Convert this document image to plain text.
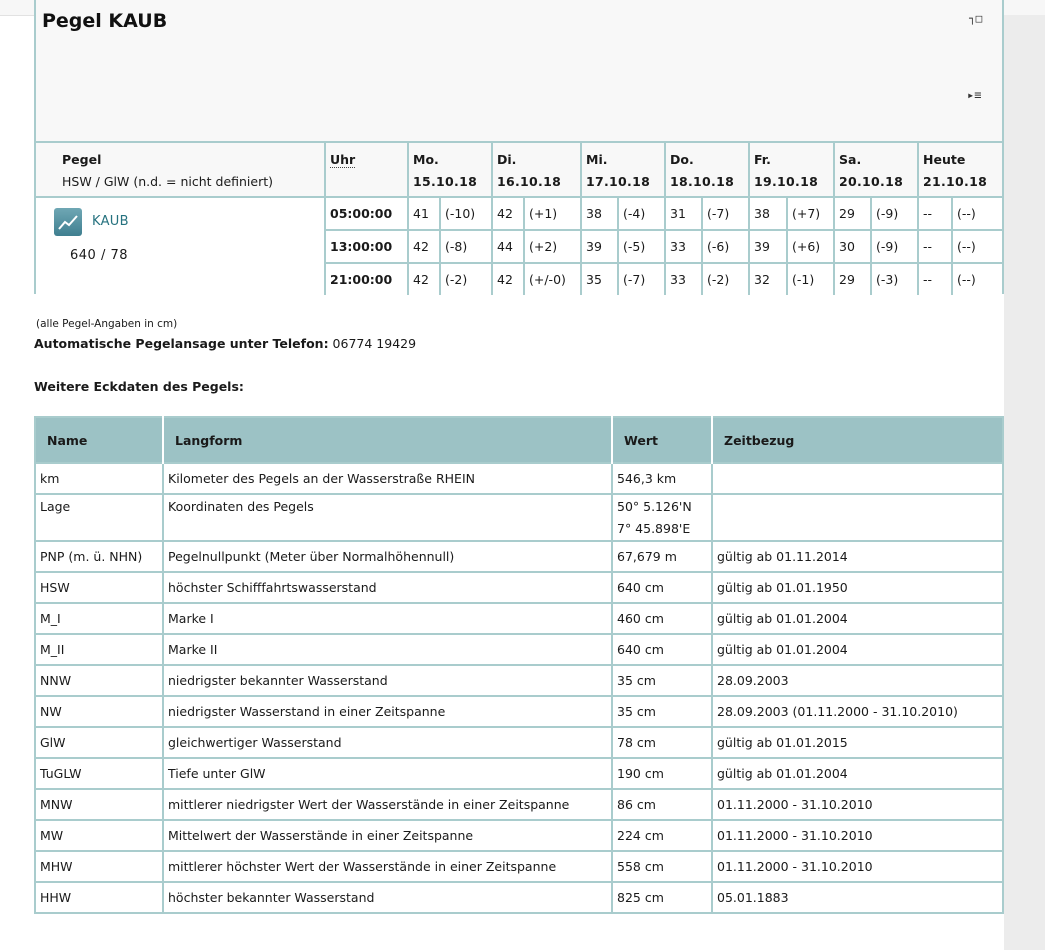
Pegel KAUB	┐□
▸≡
Pegel
HSW / GlW (n.d. = nicht definiert)
Uhr	Mo.
15.10.18
Di.
16.10.18
Mi.
17.10.18
Do.
18.10.18
Fr.
19.10.18
Sa.
20.10.18
Heute
21.10.18
05:00:00	41	(-10)	42	(+1)	38	(-4)	31	(-7)	38	(+7)	29	(-9)	--	(--)
13:00:00	42	(-8)	44	(+2)	39	(-5)	33	(-6)	39	(+6)	30	(-9)	--	(--)
21:00:00	42	(-2)	42	(+/-0)	35	(-7)	33	(-2)	32	(-1)	29	(-3)	--	(--)
KAUB
640 / 78
(alle Pegel-Angaben in cm)
Automatische Pegelansage unter Telefon: 06774 19429
Weitere Eckdaten des Pegels:
Name	Langform	Wert	Zeitbezug
km	Kilometer des Pegels an der Wasserstraße RHEIN	546,3 km	
Lage	Koordinaten des Pegels	50° 5.126'N
7° 45.898'E	

PNP (m. ü. NHN)	Pegelnullpunkt (Meter über Normalhöhennull)	67,679 m	gültig ab 01.11.2014
HSW	höchster Schifffahrtswasserstand	640 cm	gültig ab 01.01.1950
M_I	Marke I	460 cm	gültig ab 01.01.2004
M_II	Marke II	640 cm	gültig ab 01.01.2004
NNW	niedrigster bekannter Wasserstand	35 cm	28.09.2003
NW	niedrigster Wasserstand in einer Zeitspanne	35 cm	28.09.2003 (01.11.2000 - 31.10.2010)
GlW	gleichwertiger Wasserstand	78 cm	gültig ab 01.01.2015
TuGLW	Tiefe unter GlW	190 cm	gültig ab 01.01.2004
MNW	mittlerer niedrigster Wert der Wasserstände in einer Zeitspanne	86 cm	01.11.2000 - 31.10.2010
MW	Mittelwert der Wasserstände in einer Zeitspanne	224 cm	01.11.2000 - 31.10.2010
MHW	mittlerer höchster Wert der Wasserstände in einer Zeitspanne	558 cm	01.11.2000 - 31.10.2010
HHW	höchster bekannter Wasserstand	825 cm	05.01.1883
